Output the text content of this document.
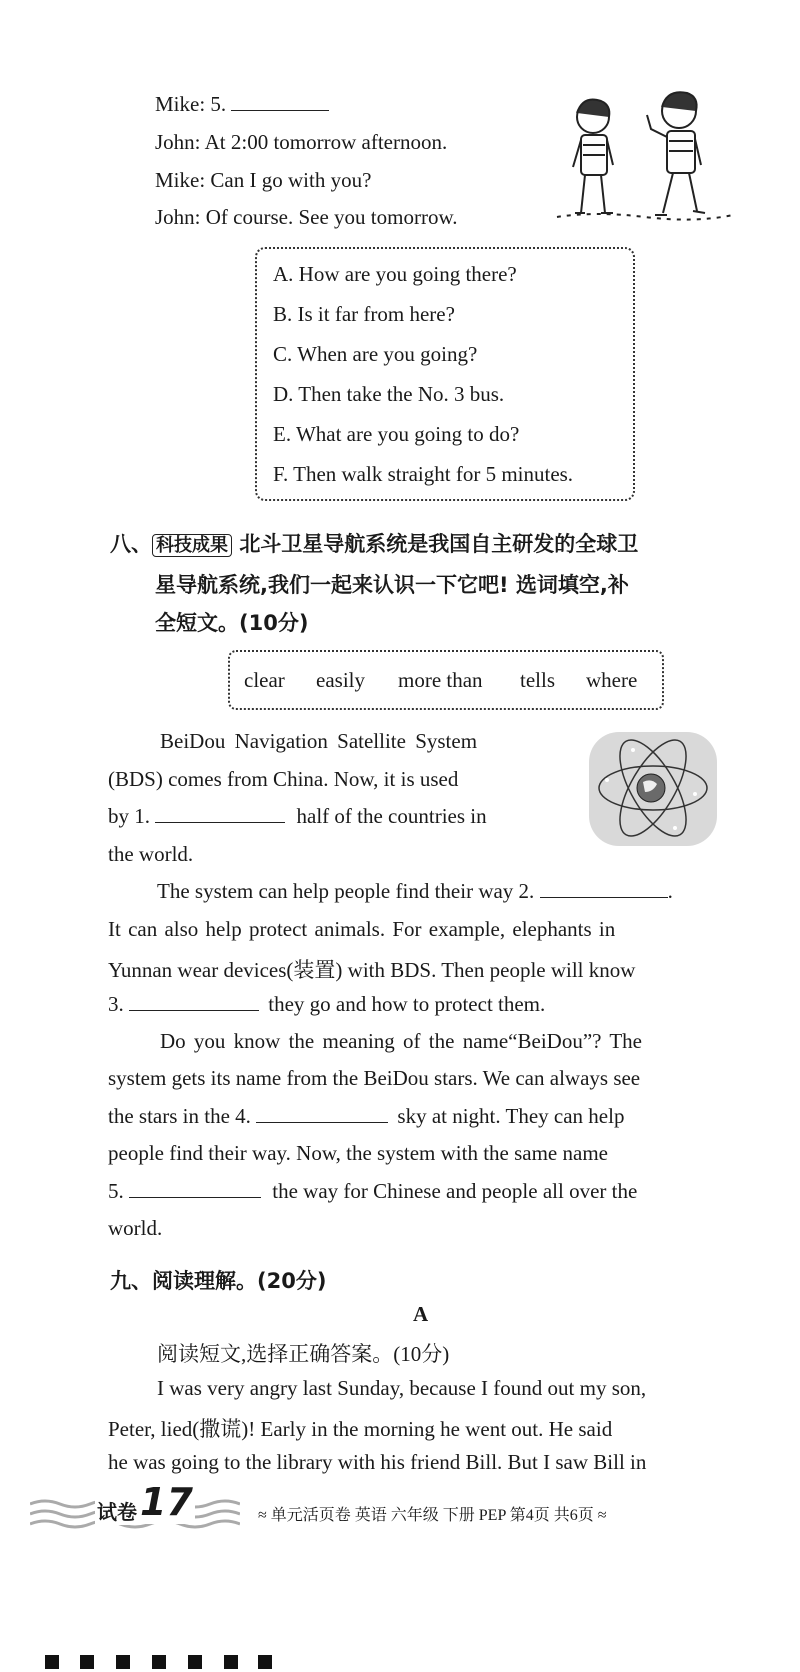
Mike: 5.
John: At 2:00 tomorrow afternoon.
Mike: Can I go with you?
John: Of course. See you tomorrow.
A. How are you going there?
B. Is it far from here?
C. When are you going?
D. Then take the No. 3 bus.
E. What are you going to do?
F. Then walk straight for 5 minutes.
八、 科技成果 北斗卫星导航系统是我国自主研发的全球卫
星导航系统,我们一起来认识一下它吧! 选词填空,补
全短文。(10分)
clear easily more than tells where
BeiDou Navigation Satellite System
(BDS) comes from China. Now, it is used
by 1.	half of the countries in
the world.
The system can help people find their way 2.	.
It can also help protect animals. For example, elephants in
Yunnan wear devices(装置) with BDS. Then people will know
3.	they go and how to protect them.
Do you know the meaning of the name“BeiDou”? The
system gets its name from the BeiDou stars. We can always see
the stars in the 4.	sky at night. They can help
people find their way. Now, the system with the same name
5.	the way for Chinese and people all over the
world.
九、阅读理解。(20分)
A
阅读短文,选择正确答案。(10分)
I was very angry last Sunday, because I found out my son,
Peter, lied(撒谎)! Early in the morning he went out. He said
he was going to the library with his friend Bill. But I saw Bill in
试卷 17	≈ 单元活页卷 英语 六年级 下册 PEP 第4页 共6页 ≈
